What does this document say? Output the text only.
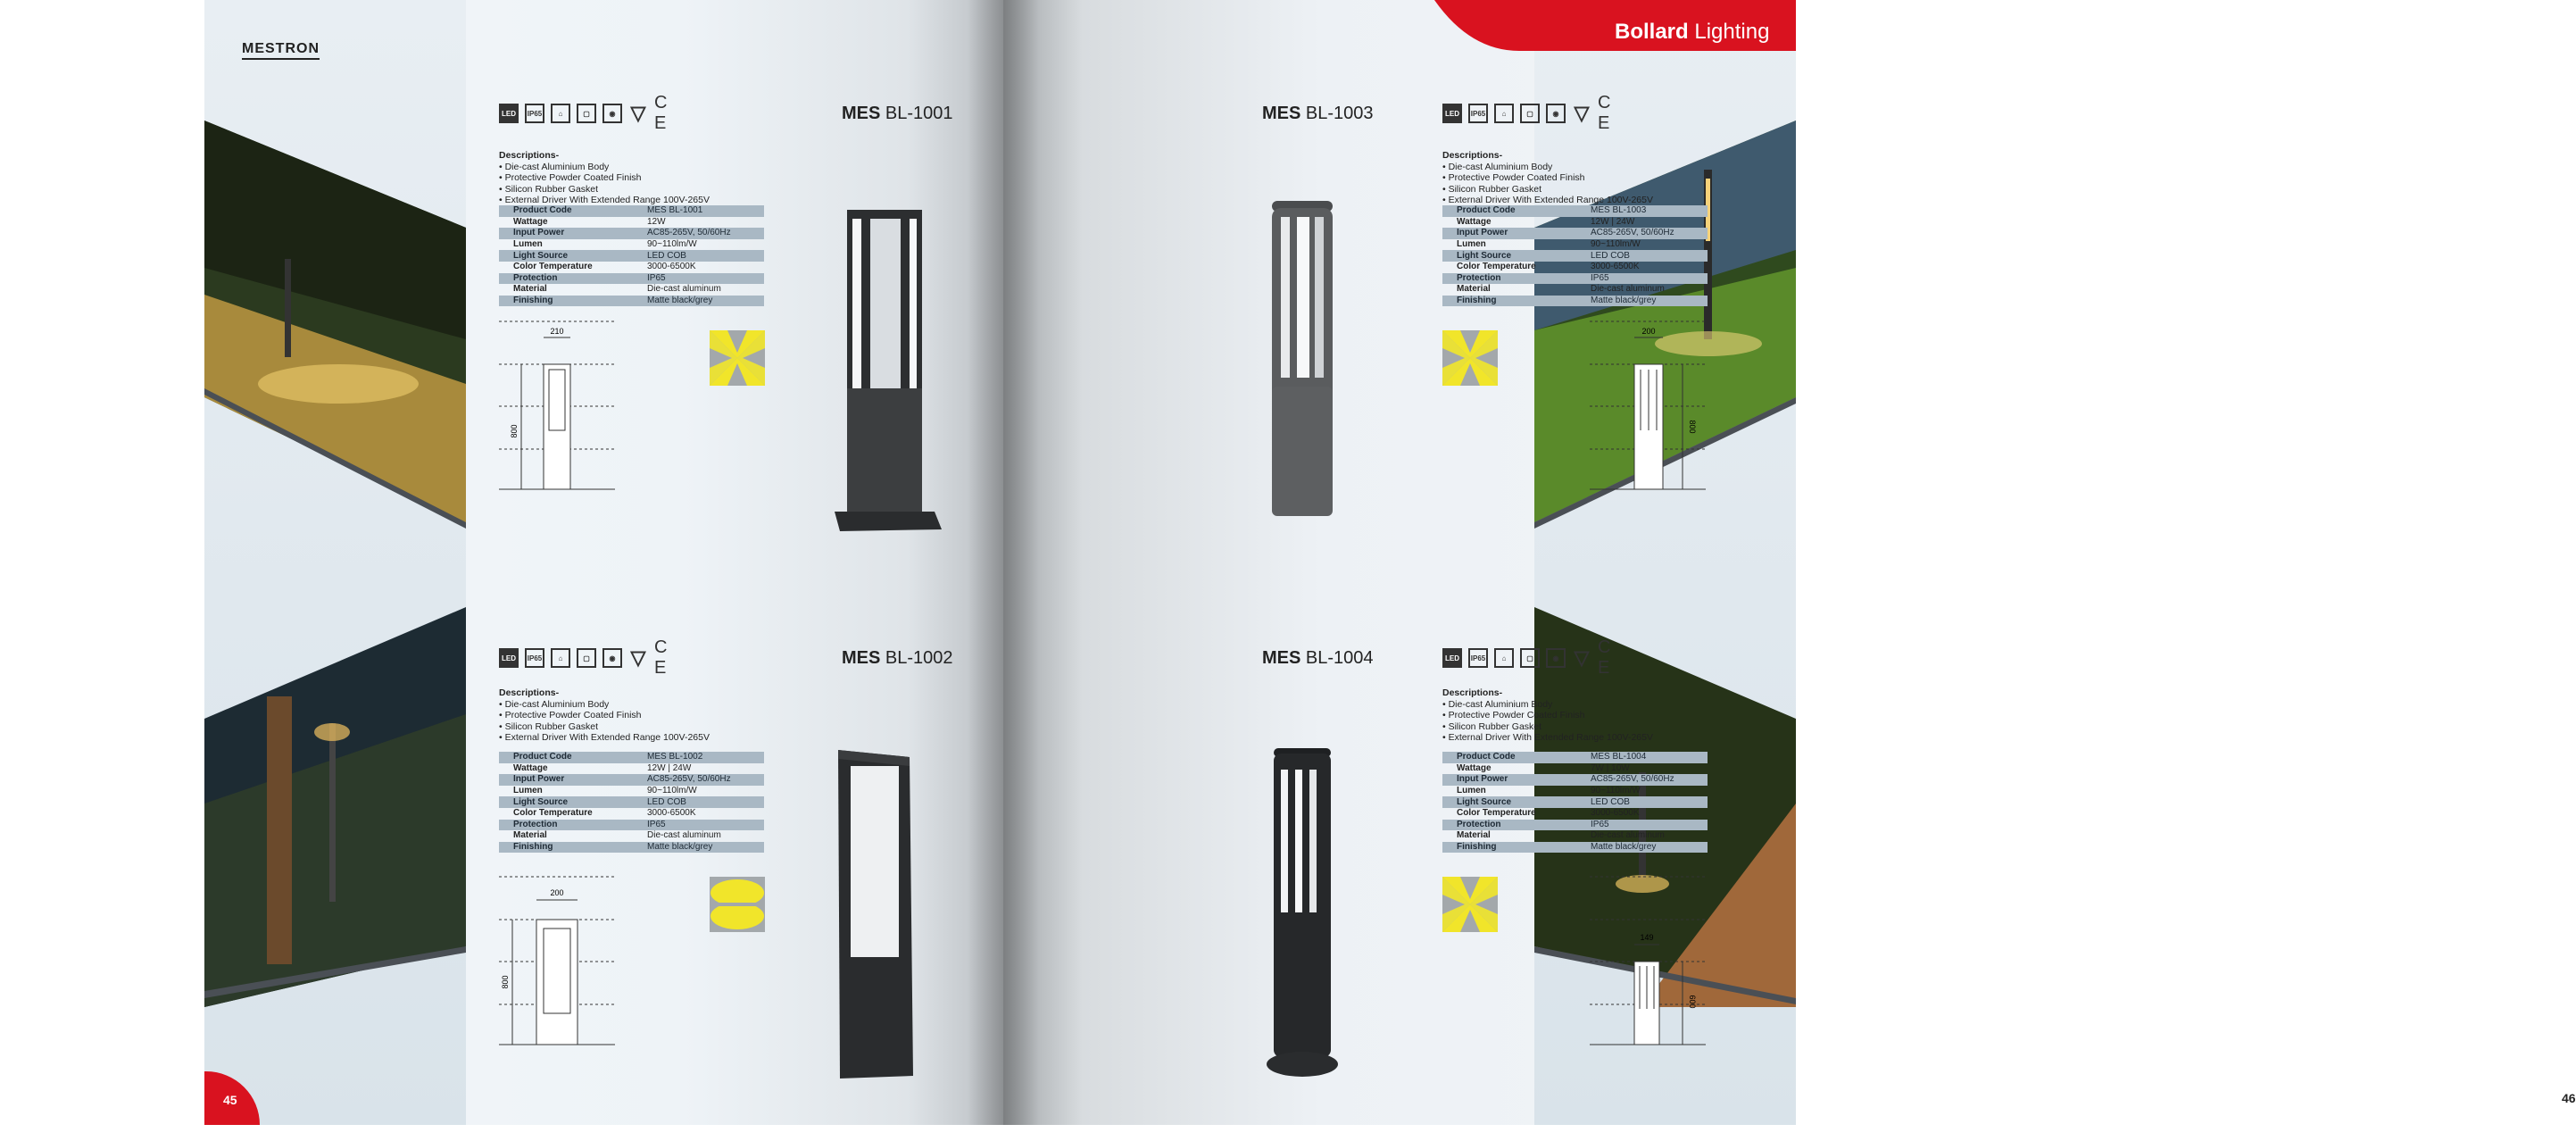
MESTRON
45	46
Bollard Lighting
LED	IP65	⌂	▢	◉ ▽ C E	MES BL-1001
Descriptions-
• Die-cast Aluminium Body
• Protective Powder Coated Finish
• Silicon Rubber Gasket
• External Driver With Extended Range 100V-265V
Product Code	MES BL-1001
Wattage	12W
Input Power	AC85-265V, 50/60Hz
Lumen	90~110lm/W
Light Source	LED COB
Color Temperature	3000-6500K
Protection	IP65
Material	Die-cast aluminum
Finishing	Matte black/grey
210
800
LED	IP65	⌂	▢	◉ ▽ C E
MES BL-1003
Descriptions-
• Die-cast Aluminium Body
• Protective Powder Coated Finish
• Silicon Rubber Gasket
• External Driver With Extended Range 100V-265V
Product Code	MES BL-1003
Wattage	12W | 24W
Input Power	AC85-265V, 50/60Hz
Lumen	90~110lm/W
Light Source	LED COB
Color Temperature	3000-6500K
Protection	IP65
Material	Die-cast aluminum
Finishing	Matte black/grey
200
800
LED	IP65	⌂	▢	◉ ▽ C E	MES BL-1002
Descriptions-
• Die-cast Aluminium Body
• Protective Powder Coated Finish
• Silicon Rubber Gasket
• External Driver With Extended Range 100V-265V
Product Code	MES BL-1002
Wattage	12W | 24W
Input Power	AC85-265V, 50/60Hz
Lumen	90~110lm/W
Light Source	LED COB
Color Temperature	3000-6500K
Protection	IP65
Material	Die-cast aluminum
Finishing	Matte black/grey
200
800
LED	IP65	⌂	▢	◉ ▽ C E
MES BL-1004
Descriptions-
• Die-cast Aluminium Body
• Protective Powder Coated Finish
• Silicon Rubber Gasket
• External Driver With Extended Range 100V-265V
Product Code	MES BL-1004
Wattage	7W | 10W
Input Power	AC85-265V, 50/60Hz
Lumen	90~110lm/W
Light Source	LED COB
Color Temperature	3000-6500K
Protection	IP65
Material	Die-cast aluminum
Finishing	Matte black/grey
149
600
